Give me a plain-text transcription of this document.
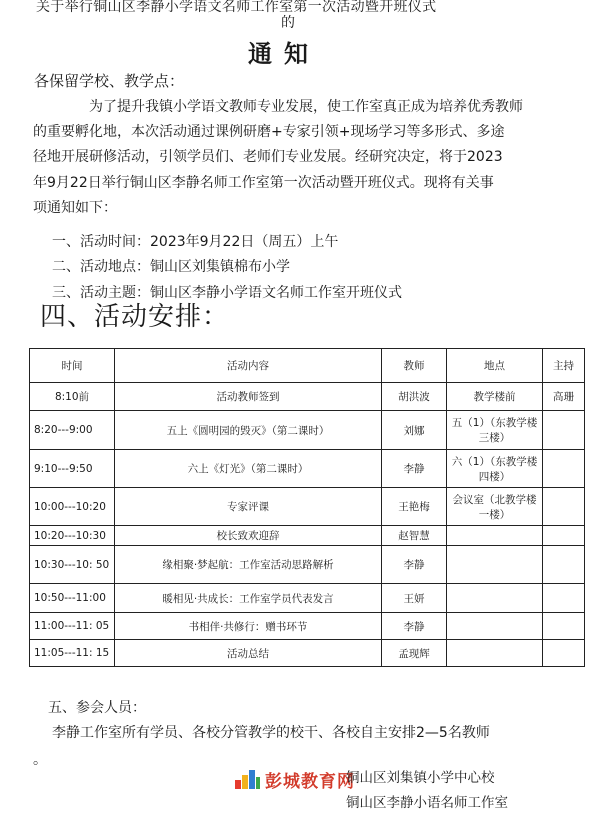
关于举行铜山区李静小学语文名师工作室第一次活动暨开班仪式
的
通知
各保留学校、教学点：

为了提升我镇小学语文教师专业发展，使工作室真正成为培养优秀教师

的重要孵化地，本次活动通过课例研磨+专家引领+现场学习等多形式、多途

径地开展研修活动，引领学员们、老师们专业发展。经研究决定，将于2023

年9月22日举行铜山区李静名师工作室第一次活动暨开班仪式。现将有关事

项通知如下：

一、活动时间：2023年9月22日（周五）上午
二、活动地点：铜山区刘集镇棉布小学
三、活动主题：铜山区李静小学语文名师工作室开班仪式
四、活动安排：
时间	活动内容	教师	地点	主持
8:10前	活动教师签到	胡洪波	教学楼前	高珊
8:20---9:00	五上《圆明园的毁灭》（第二课时）	刘娜	五（1）（东教学楼三楼）	
9:10---9:50	六上《灯光》（第二课时）	李静	六（1）（东教学楼四楼）	
10:00---10:20	专家评课	王艳梅	会议室（北教学楼一楼）	
10:20---10:30	校长致欢迎辞	赵智慧		
10:30---10: 50	缘相聚·梦起航：工作室活动思路解析	李静		
10:50---11:00	暖相见·共成长：工作室学员代表发言	王妍		
11:00---11: 05	书相伴·共修行：赠书环节	李静		
11:05---11: 15	活动总结	孟现辉		
五、参会人员：
李静工作室所有学员、各校分管教学的校干、各校自主安排2—5名教师
。
彭城教育网
铜山区刘集镇小学中心校
铜山区李静小语名师工作室
